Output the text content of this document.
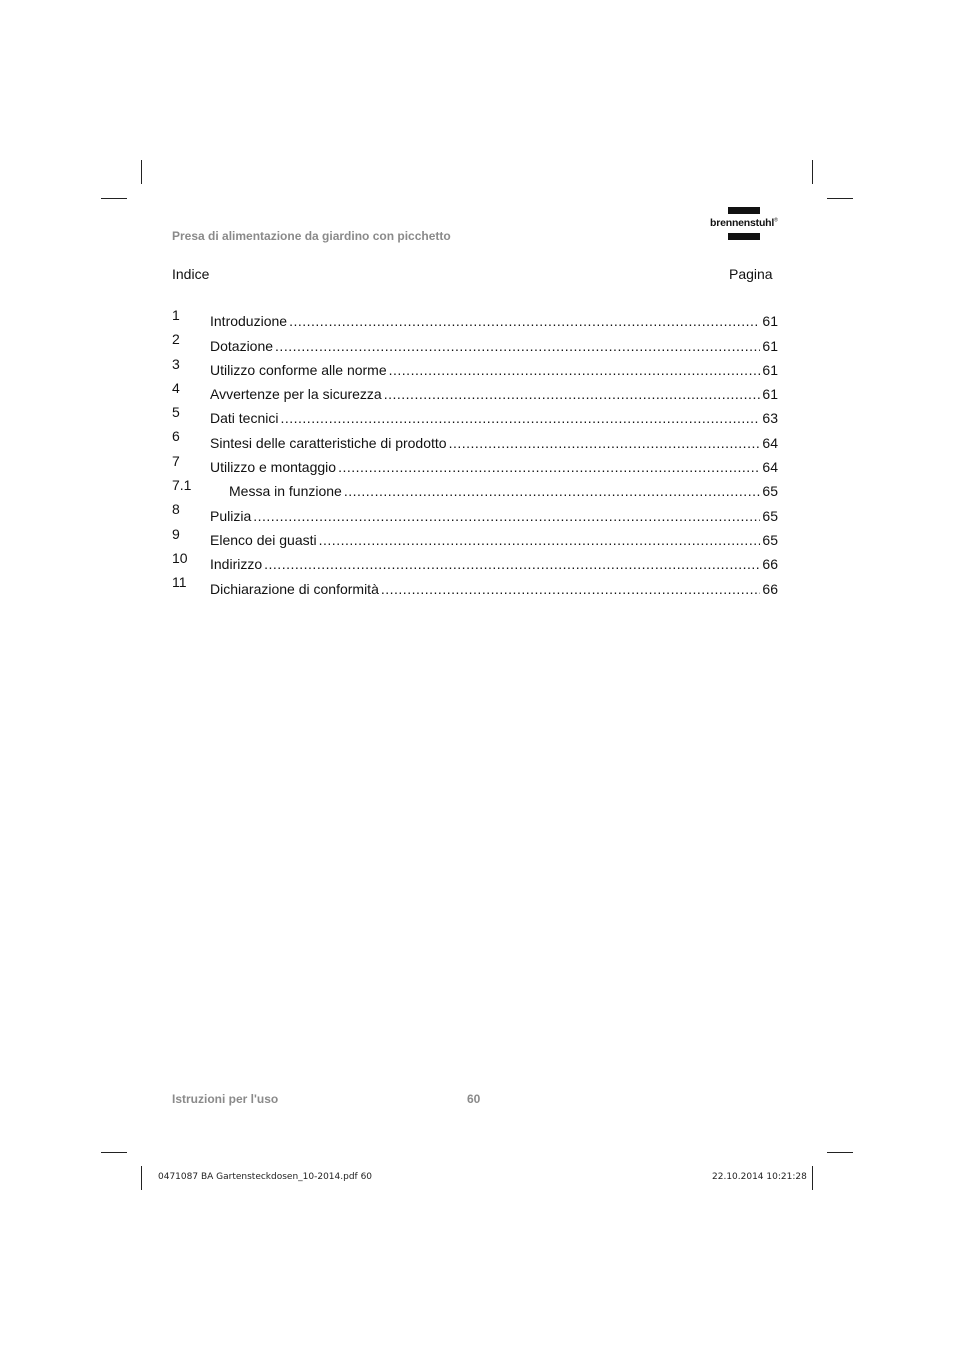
Presa di alimentazione da giardino con picchetto
brennenstuhl®
Indice	Pagina
1	Introduzione .....	61
2	Dotazione .....	61
3	Utilizzo conforme alle norme .....	61
4	Avvertenze per la sicurezza .....	61
5	Dati tecnici .....	63
6	Sintesi delle caratteristiche di prodotto .....	64
7	Utilizzo e montaggio .....	64
7.1	Messa in funzione .....	65
8	Pulizia .....	65
9	Elenco dei guasti .....	65
10	Indirizzo .....	66
11	Dichiarazione di conformità .....	66
Istruzioni per l'uso	60
0471087 BA Gartensteckdosen_10-2014.pdf 60	22.10.2014 10:21:28
